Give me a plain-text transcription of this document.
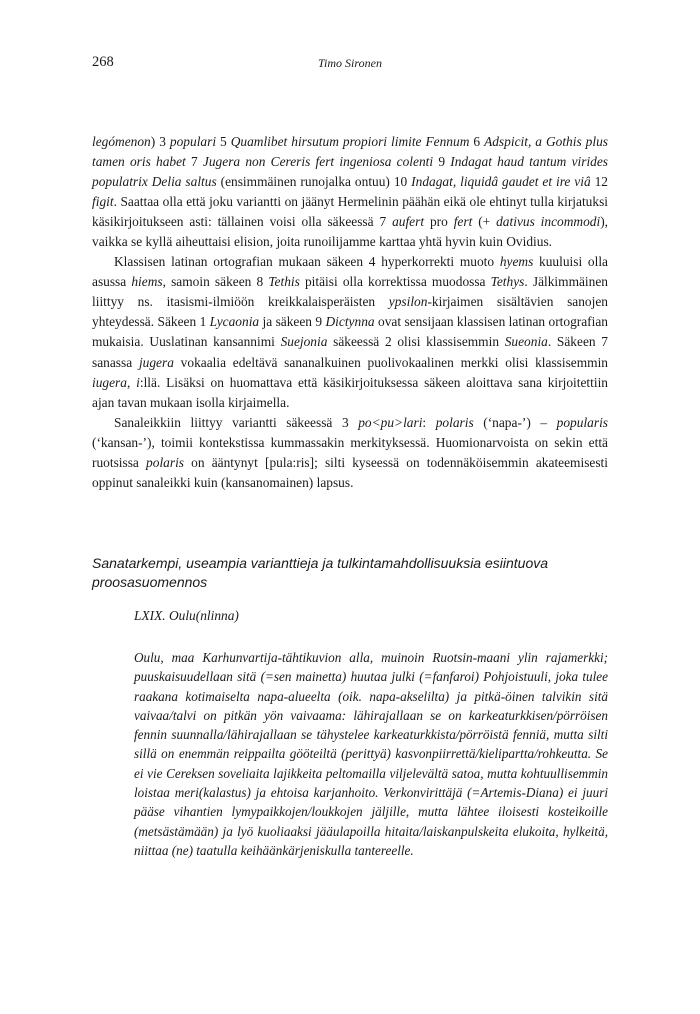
268	Timo Sironen

legómenon) 3 populari 5 Quamlibet hirsutum propiori limite Fennum 6 Adspicit, a Gothis plus tamen oris habet 7 Jugera non Cereris fert ingeniosa colenti 9 Indagat haud tantum virides populatrix Delia saltus (ensimmäinen runojalka ontuu) 10 Indagat, liquidâ gaudet et ire viâ 12 figit. Saattaa olla että joku variantti on jäänyt Hermelinin päähän eikä ole ehtinyt tulla kirjatuksi käsikirjoitukseen asti: tällainen voisi olla säkeessä 7 aufert pro fert (+ dativus incommodi), vaikka se kyllä aiheuttaisi elision, joita runoilijamme karttaa yhtä hyvin kuin Ovidius.

Klassisen latinan ortografian mukaan säkeen 4 hyperkorrekti muoto hyems kuuluisi olla asussa hiems, samoin säkeen 8 Tethis pitäisi olla korrektissa muodossa Tethys. Jälkimmäinen liittyy ns. itasismi-ilmiöön kreikkalaisperäisten ypsilon-kirjaimen sisältävien sanojen yhteydessä. Säkeen 1 Lycaonia ja säkeen 9 Dictynna ovat sensijaan klassisen latinan ortografian mukaisia. Uuslatinan kansannimi Suejonia säkeessä 2 olisi klassisemmin Sueonia. Säkeen 7 sanassa jugera vokaalia edeltävä sananalkuinen puolivokaalinen merkki olisi klassisemmin iugera, i:llä. Lisäksi on huomattava että käsikirjoituksessa säkeen aloittava sana kirjoitettiin ajan tavan mukaan isolla kirjaimella.

Sanaleikkiin liittyy variantti säkeessä 3 po<pu>lari: polaris (‘napa-’) – popularis (‘kansan-’), toimii kontekstissa kummassakin merkityksessä. Huomionarvoista on sekin että ruotsissa polaris on ääntynyt [pula:ris]; silti kyseessä on todennäköisemmin akateemisesti oppinut sanaleikki kuin (kansanomainen) lapsus.

Sanatarkempi, useampia varianttieja ja tulkintamahdollisuuksia esiintuova proosasuomennos
LXIX. Oulu(nlinna)

Oulu, maa Karhunvartija-tähtikuvion alla, muinoin Ruotsin-maani ylin rajamerkki; puuskaisuudellaan sitä (=sen mainetta) huutaa julki (=fanfaroi) Pohjoistuuli, joka tulee raakana kotimaiselta napa-alueelta (oik. napa-akselilta) ja pitkä-öinen talvikin sitä vaivaa/talvi on pitkän yön vaivaama: lähirajallaan se on karkeaturkkisen/pörröisen fennin suunnalla/lähirajallaan se tähystelee karkeaturkkista/pörröistä fenniä, mutta silti sillä on enemmän reippailta gööteiltä (perittyä) kasvonpiirrettä/kieliparttа/rohkeutta. Se ei vie Cereksen soveliaita lajikkeita peltomailla viljelevältä satoa, mutta kohtuullisemmin loistaa meri(kalastus) ja ehtoisa karjanhoito. Verkonvirittäjä (=Artemis-Diana) ei juuri pääse vihantien lymypaikkojen/loukkojen jäljille, mutta lähtee iloisesti kosteikoille (metsästämään) ja lyö kuoliaaksi jääulapoilla hitaita/laiskanpulskeita elukoita, hylkeitä, niittaa (ne) taatulla keihäänkärjeniskulla tantereelle.
